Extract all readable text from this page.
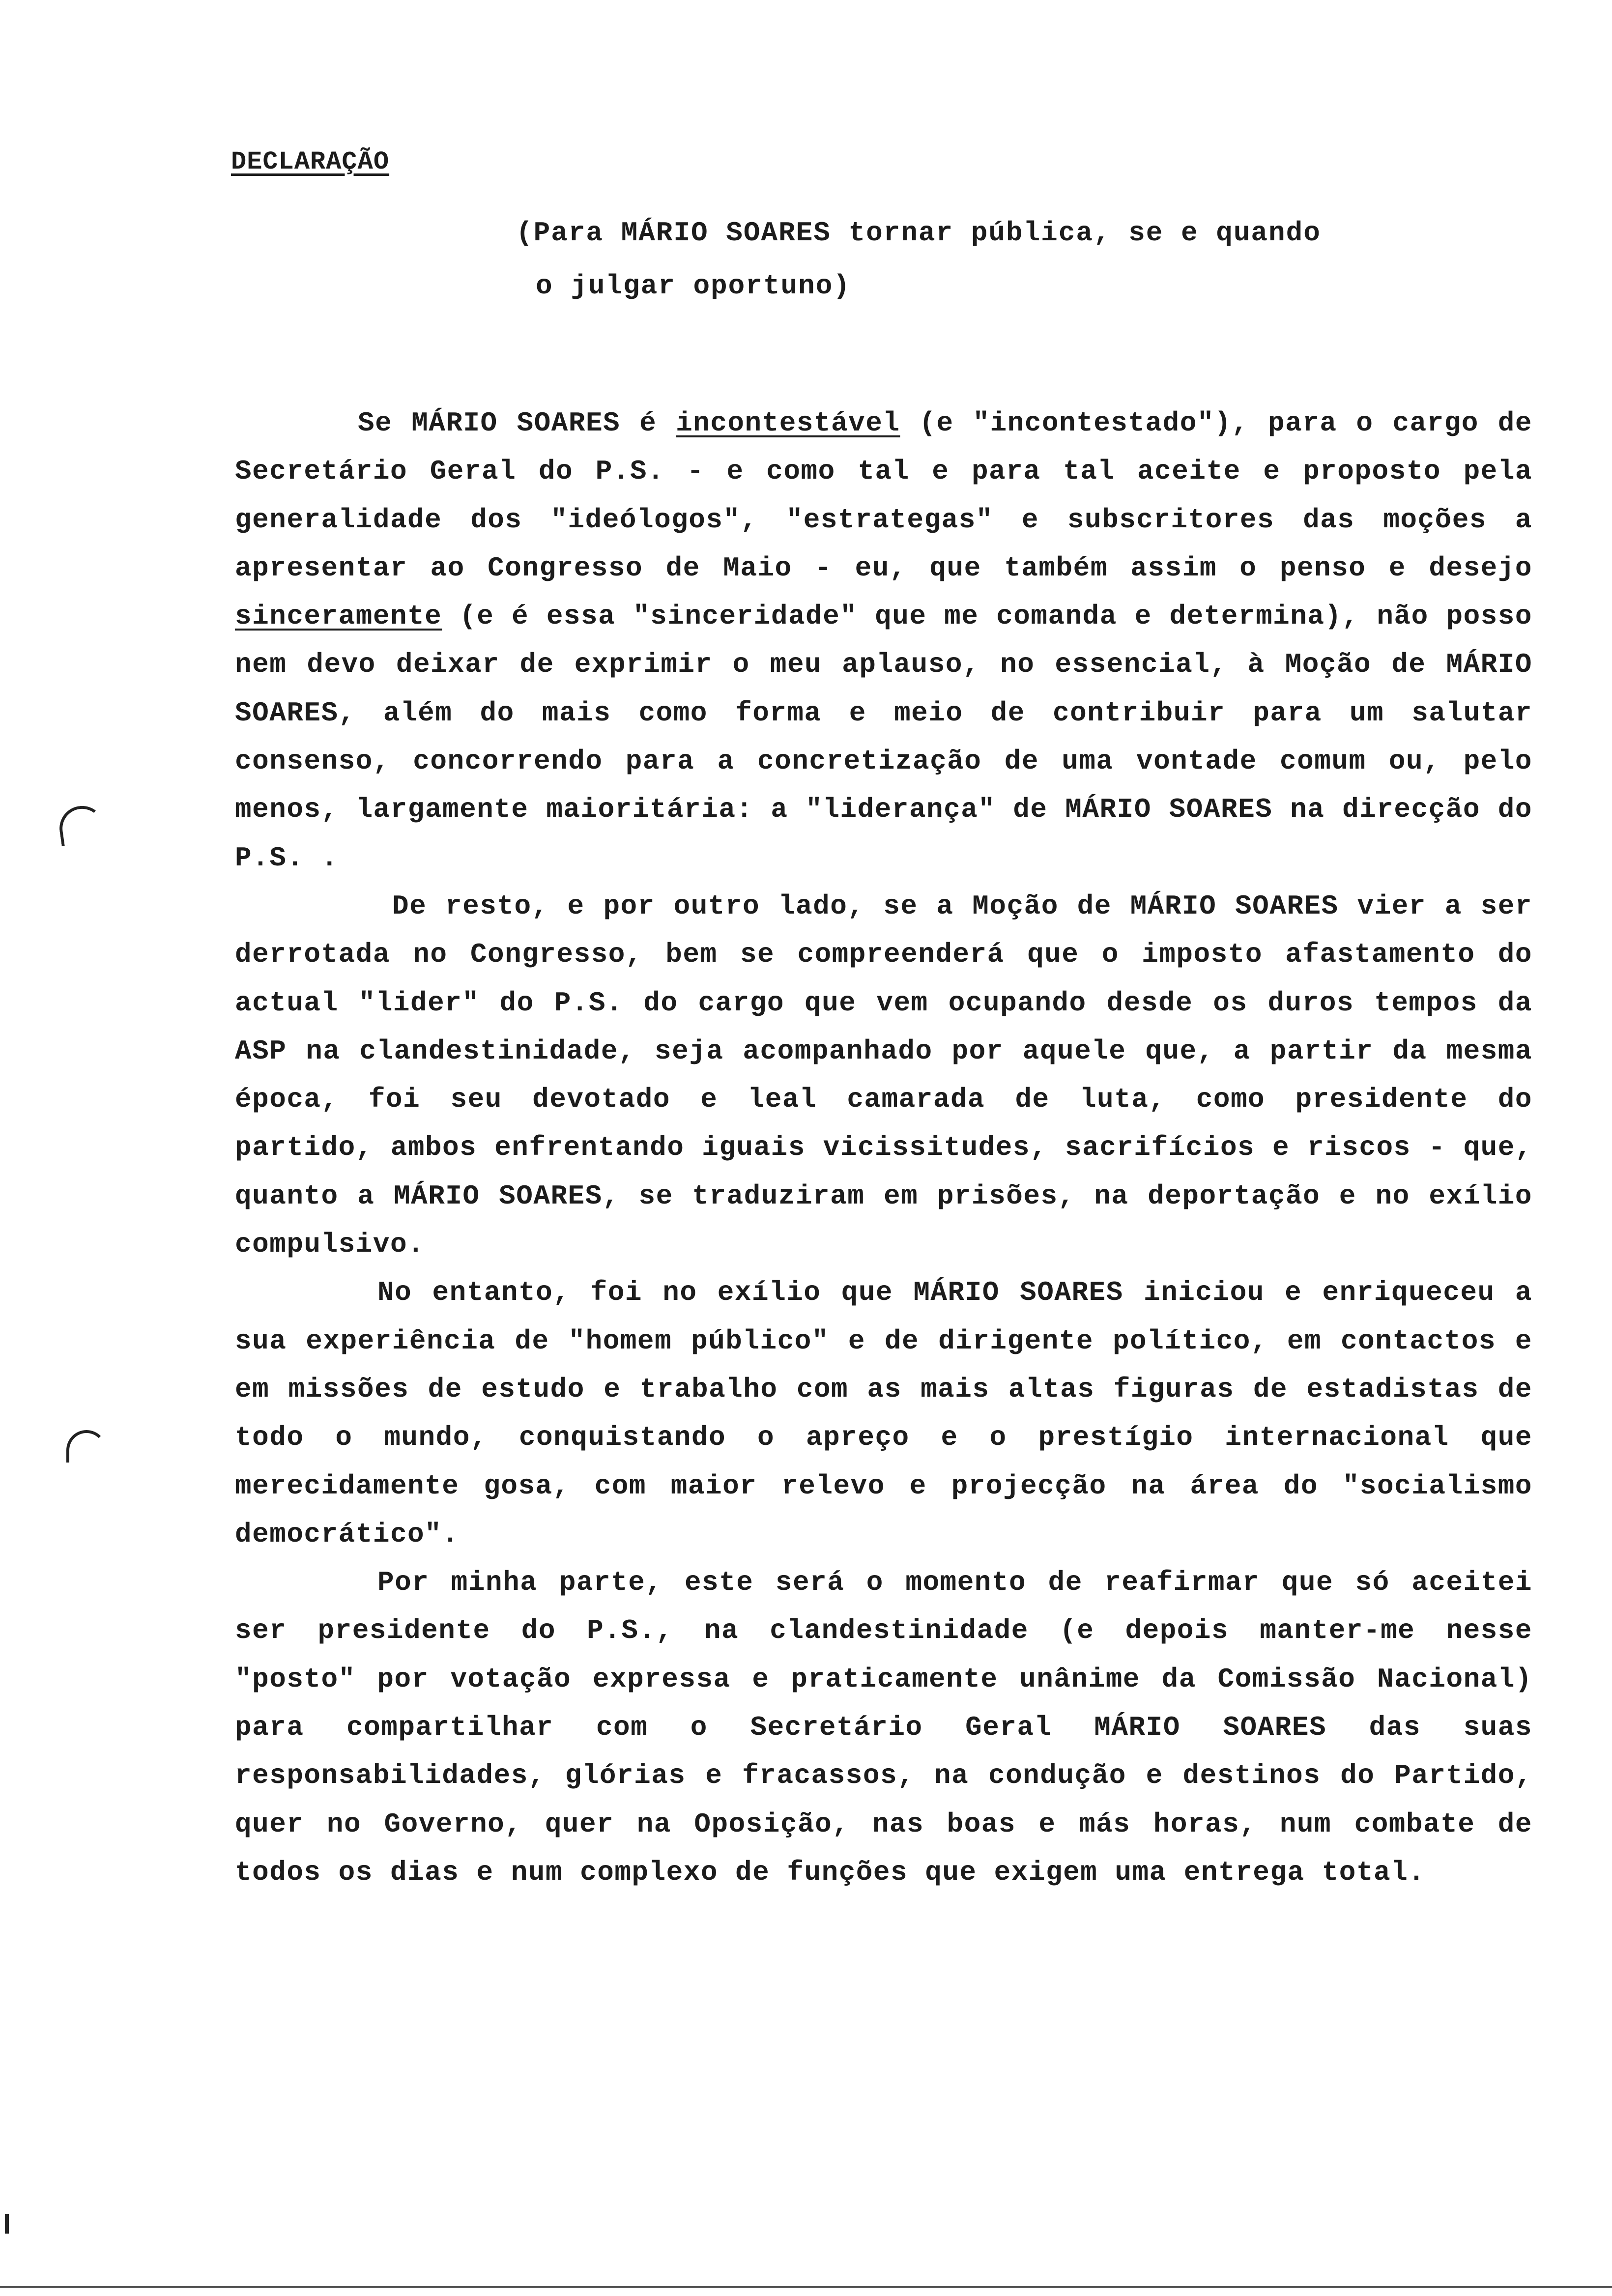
DECLARAÇÃO
(Para MÁRIO SOARES tornar pública, se e quando
o julgar oportuno)

Se MÁRIO SOARES é incontestável (e "incontestado"), para o cargo de Secretário Geral do P.S. - e como tal e para tal aceite e proposto pela generalidade dos "ideólogos", "estrategas" e subscritores das moções a apresentar ao Congresso de Maio - eu, que também assim o penso e desejo sinceramente (e é essa "sinceridade" que me comanda e determina), não posso nem devo deixar de exprimir o meu aplauso, no essencial, à Moção de MÁRIO SOARES, além do mais como forma e meio de contribuir para um salutar consenso, concorrendo para a concretização de uma vontade comum ou, pelo menos, largamente maioritária: a "liderança" de MÁRIO SOARES na direcção do P.S. .

De resto, e por outro lado, se a Moção de MÁRIO SOARES vier a ser derrotada no Congresso, bem se compreenderá que o imposto afastamento do actual "lider" do P.S. do cargo que vem ocupando desde os duros tempos da ASP na clandestinidade, seja acompanhado por aquele que, a partir da mesma época, foi seu devotado e leal camarada de luta, como presidente do partido, ambos enfrentando iguais vicissitudes, sacrifícios e riscos - que, quanto a MÁRIO SOARES, se traduziram em prisões, na deportação e no exílio compulsivo.

No entanto, foi no exílio que MÁRIO SOARES iniciou e enriqueceu a sua experiência de "homem público" e de dirigente político, em contactos e em missões de estudo e trabalho com as mais altas figuras de estadistas de todo o mundo, conquistando o apreço e o prestígio internacional que merecidamente gosa, com maior relevo e projecção na área do "socialismo democrático".

Por minha parte, este será o momento de reafirmar que só aceitei ser presidente do P.S., na clandestinidade (e depois manter-me nesse "posto" por votação expressa e praticamente unânime da Comissão Nacional) para compartilhar com o Secretário Geral MÁRIO SOARES das suas responsabilidades, glórias e fracassos, na condução e destinos do Partido, quer no Governo, quer na Oposição, nas boas e más horas, num combate de todos os dias e num complexo de funções que exigem uma entrega total.
